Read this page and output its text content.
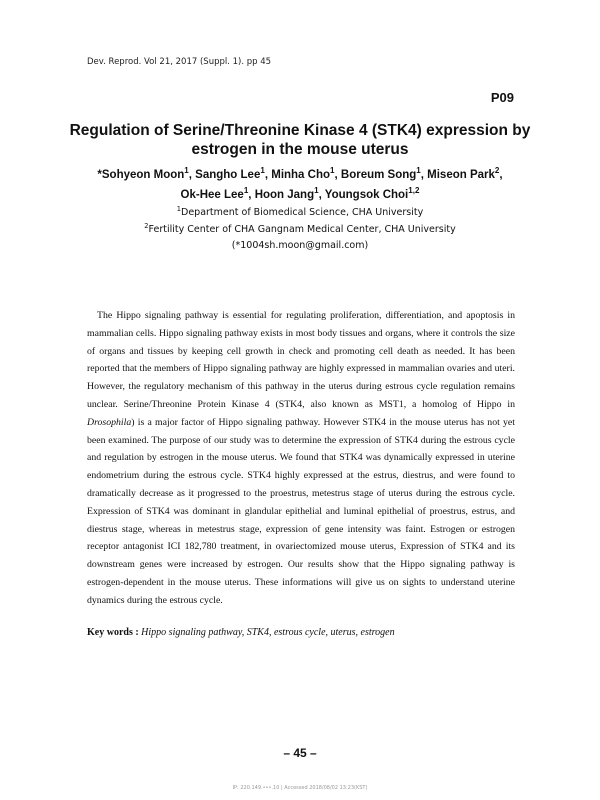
Dev. Reprod. Vol 21, 2017 (Suppl. 1). pp 45
P09
Regulation of Serine/Threonine Kinase 4 (STK4) expression by estrogen in the mouse uterus
*Sohyeon Moon$^1$, Sangho Lee$^1$, Minha Cho$^1$, Boreum Song$^1$, Miseon Park$^2$,
Ok-Hee Lee$^1$, Hoon Jang$^1$, Youngsok Choi$^{1,2}$
$^1$Department of Biomedical Science, CHA University
$^2$Fertility Center of CHA Gangnam Medical Center, CHA University
(*1004sh.moon@gmail.com)

The Hippo signaling pathway is essential for regulating proliferation, differentiation, and apoptosis in mammalian cells. Hippo signaling pathway exists in most body tissues and organs, where it controls the size of organs and tissues by keeping cell growth in check and promoting cell death as needed. It has been reported that the members of Hippo signaling pathway are highly expressed in mammalian ovaries and uteri. However, the regulatory mechanism of this pathway in the uterus during estrous cycle regulation remains unclear. Serine/Threonine Protein Kinase 4 (STK4, also known as MST1, a homolog of Hippo in Drosophila) is a major factor of Hippo signaling pathway. However STK4 in the mouse uterus has not yet been examined. The purpose of our study was to determine the expression of STK4 during the estrous cycle and regulation by estrogen in the mouse uterus. We found that STK4 was dynamically expressed in uterine endometrium during the estrous cycle. STK4 highly expressed at the estrus, diestrus, and were found to dramatically decrease as it progressed to the proestrus, metestrus stage of uterus during the estrous cycle. Expression of STK4 was dominant in glandular epithelial and luminal epithelial of proestrus, estrus, and diestrus stage, whereas in metestrus stage, expression of gene intensity was faint. Estrogen or estrogen receptor antagonist ICI 182,780 treatment, in ovariectomized mouse uterus, Expression of STK4 and its downstream genes were increased by estrogen. Our results show that the Hippo signaling pathway is estrogen-dependent in the mouse uterus. These informations will give us on sights to understand uterine dynamics during the estrous cycle.

Key words : Hippo signaling pathway, STK4, estrous cycle, uterus, estrogen
– 45 –
IP: 220.149.•••.10 | Accessed 2018/08/02 13:23(KST)
